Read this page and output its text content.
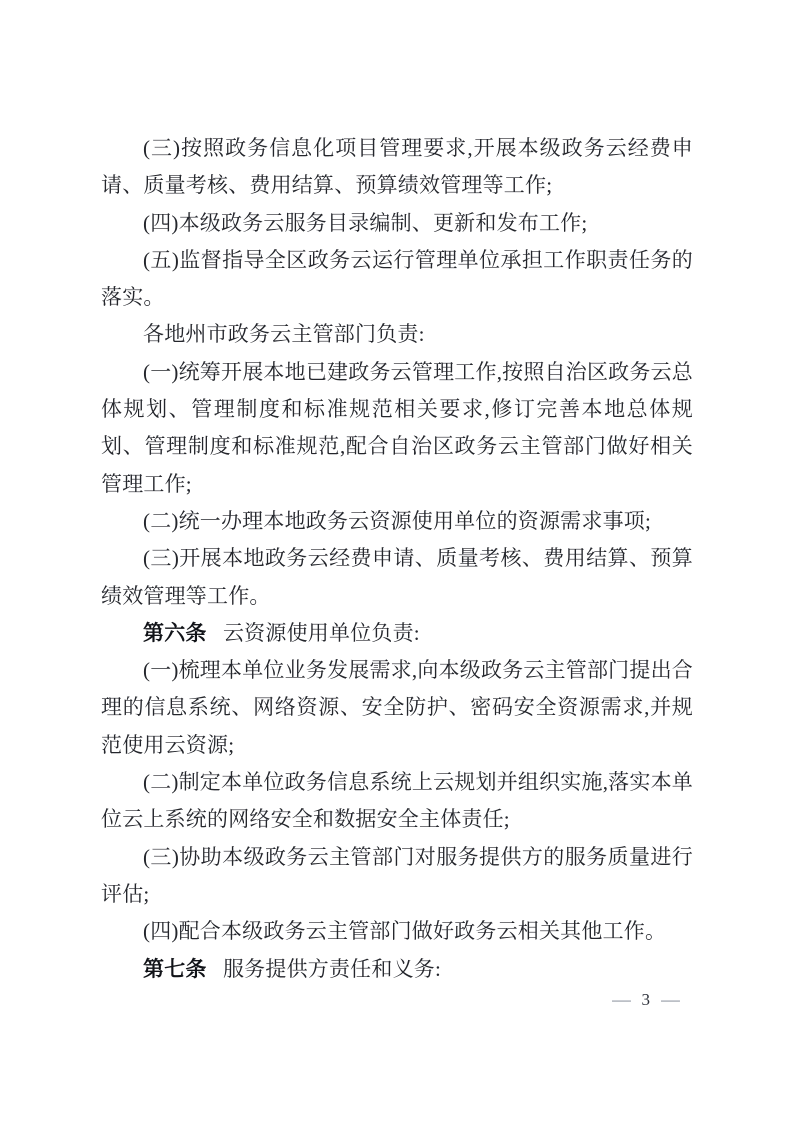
(三)按照政务信息化项目管理要求,开展本级政务云经费申请、质量考核、费用结算、预算绩效管理等工作;

(四)本级政务云服务目录编制、更新和发布工作;

(五)监督指导全区政务云运行管理单位承担工作职责任务的落实。

各地州市政务云主管部门负责:

(一)统筹开展本地已建政务云管理工作,按照自治区政务云总体规划、管理制度和标准规范相关要求,修订完善本地总体规划、管理制度和标准规范,配合自治区政务云主管部门做好相关管理工作;

(二)统一办理本地政务云资源使用单位的资源需求事项;

(三)开展本地政务云经费申请、质量考核、费用结算、预算绩效管理等工作。

第六条 云资源使用单位负责:

(一)梳理本单位业务发展需求,向本级政务云主管部门提出合理的信息系统、网络资源、安全防护、密码安全资源需求,并规范使用云资源;

(二)制定本单位政务信息系统上云规划并组织实施,落实本单位云上系统的网络安全和数据安全主体责任;

(三)协助本级政务云主管部门对服务提供方的服务质量进行评估;

(四)配合本级政务云主管部门做好政务云相关其他工作。

第七条 服务提供方责任和义务:

— 3 —
